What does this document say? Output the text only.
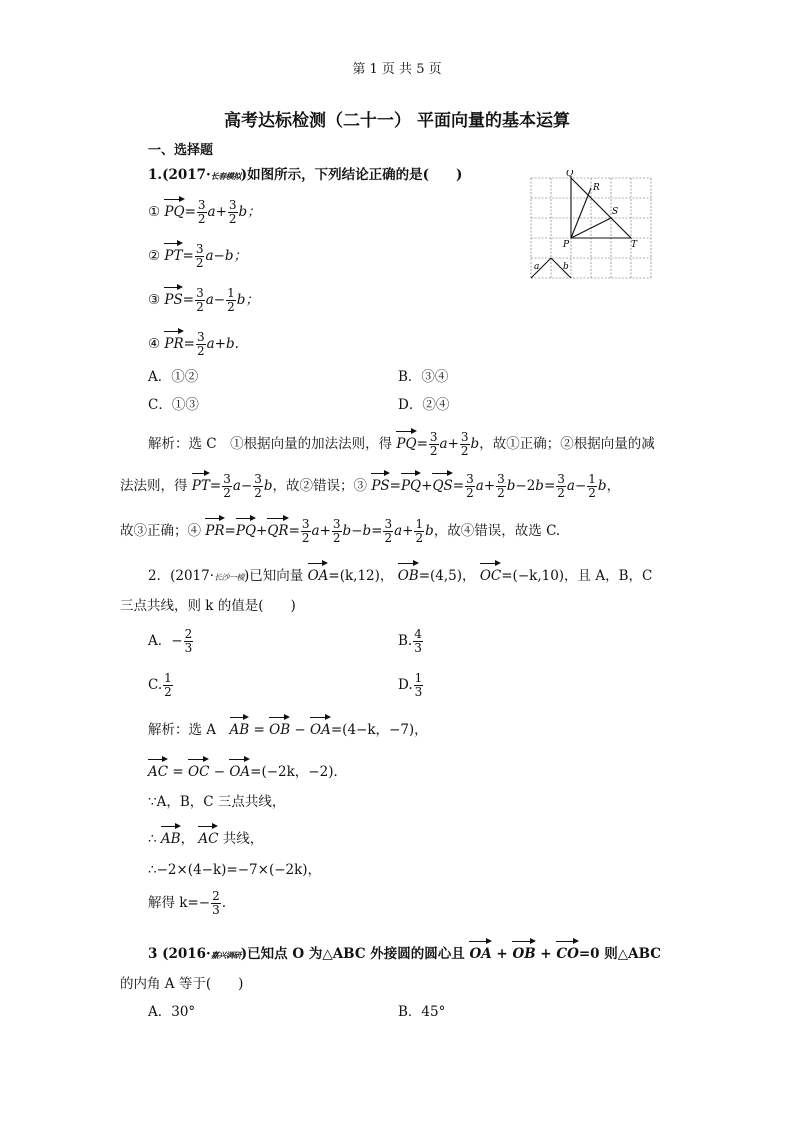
第 1 页 共 5 页
高考达标检测（二十一） 平面向量的基本运算
一、选择题
1.(2017·长春模拟)如图所示，下列结论正确的是(　　)
① $PQ= \frac{3}{2} a+ \frac{3}{2}$ b；
② $PT= \frac{3}{2} a-b$；
③ $PS= \frac{3}{2} a- \frac{1}{2}$ b；
④ $PR= \frac{3}{2} a+b$.
A．①②	B．③④
C．①③	D．②④
Q
R
S
P	T
a	b
解析：选 C　①根据向量的加法法则，得 $PQ= \frac{3}{2} a+ \frac{3}{2}$ b，故①正确；②根据向量的减
法法则，得 $PT= \frac{3}{2} a- \frac{3}{2}$ b，故②错误；③ $PS=PQ+QS= \frac{3}{2} a+ \frac{3}{2} b-2b= \frac{3}{2} a- \frac{1}{2}$ b，
故③正确；④ $PR=PQ+QR= \frac{3}{2} a+ \frac{3}{2} b-b= \frac{3}{2} a+ \frac{1}{2}$ b，故④错误，故选 C.
2．(2017·长沙一模)已知向量 OA=(k,12)， OB=(4,5)， OC=(−k,10)，且 A，B，C
三点共线，则 k 的值是(　　)
A．− $\frac{2}{3}$	B. $\frac{4}{3}$
C. $\frac{1}{2}$	D. $\frac{1}{3}$
解析：选 A　 AB = OB − OA=(4−k，−7)，
AC = OC − OA=(−2k，−2)．
∵A，B，C 三点共线，
∴ AB， AC 共线，
∴−2×(4−k)=−7×(−2k)，
解得 $k=- \frac{2}{3}$ .
3 (2016·嘉兴调研)已知点 O 为△ABC 外接圆的圆心且 OA + OB + CO=0 则△ABC
的内角 A 等于(　　)
A．30°	B．45°
